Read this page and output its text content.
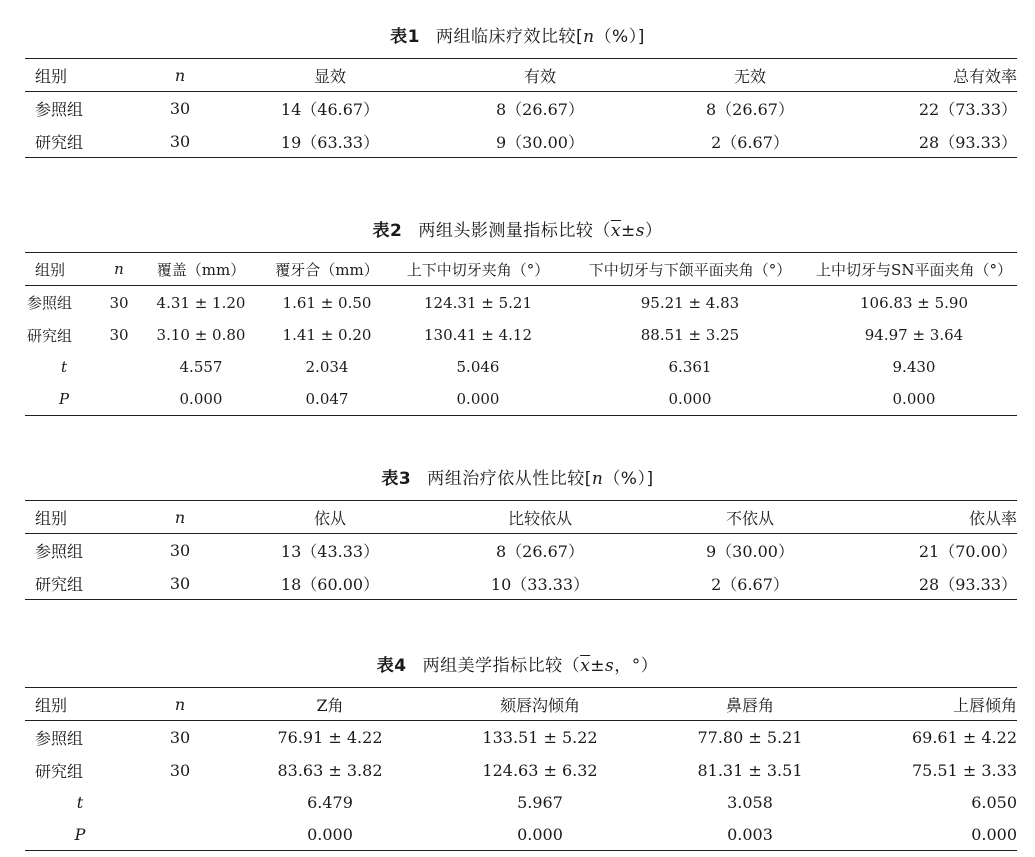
表1 两组临床疗效比较[n（%）]
组别	n	显效	有效	无效	总有效率
参照组	30	14（46.67）	8（26.67）	8（26.67）	22（73.33）
研究组	30	19（63.33）	9（30.00）	2（6.67）	28（93.33）
表2 两组头影测量指标比较$(\overline{x}\pm s)$
组别	n	覆盖（mm）	覆牙合（mm）	上下中切牙夹角（°）	下中切牙与下颌平面夹角（°）	上中切牙与SN平面夹角（°）
参照组	30	4.31 ± 1.20	1.61 ± 0.50	124.31 ± 5.21	95.21 ± 4.83	106.83 ± 5.90
研究组	30	3.10 ± 0.80	1.41 ± 0.20	130.41 ± 4.12	88.51 ± 3.25	94.97 ± 3.64
t		4.557	2.034	5.046	6.361	9.430
P		0.000	0.047	0.000	0.000	0.000
表3 两组治疗依从性比较[n（%）]
组别	n	依从	比较依从	不依从	依从率
参照组	30	13（43.33）	8（26.67）	9（30.00）	21（70.00）
研究组	30	18（60.00）	10（33.33）	2（6.67）	28（93.33）
表4 两组美学指标比较（$\overline{x}\pm s$，°）
组别	n	Z角	颏唇沟倾角	鼻唇角	上唇倾角
参照组	30	76.91 ± 4.22	133.51 ± 5.22	77.80 ± 5.21	69.61 ± 4.22
研究组	30	83.63 ± 3.82	124.63 ± 6.32	81.31 ± 3.51	75.51 ± 3.33
t		6.479	5.967	3.058	6.050
P		0.000	0.000	0.003	0.000
